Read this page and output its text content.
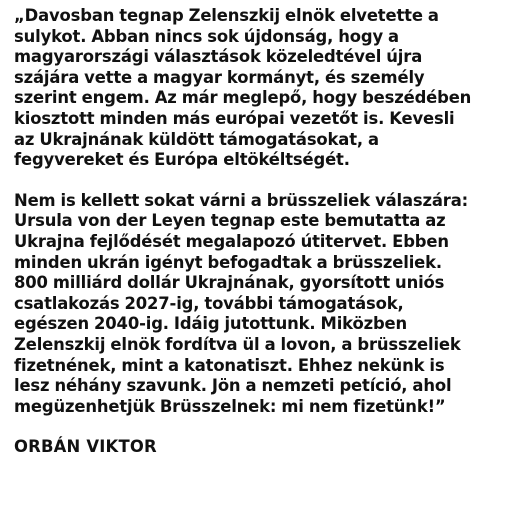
„Davosban tegnap Zelenszkij elnök elvetette a
sulykot. Abban nincs sok újdonság, hogy a
magyarországi választások közeledtével újra
szájára vette a magyar kormányt, és személy
szerint engem. Az már meglepő, hogy beszédében
kiosztott minden más európai vezetőt is. Kevesli
az Ukrajnának küldött támogatásokat, a
fegyvereket és Európa eltökéltségét.

Nem is kellett sokat várni a brüsszeliek válaszára:
Ursula von der Leyen tegnap este bemutatta az
Ukrajna fejlődését megalapozó útitervet. Ebben
minden ukrán igényt befogadtak a brüsszeliek.
800 milliárd dollár Ukrajnának, gyorsított uniós
csatlakozás 2027-ig, további támogatások,
egészen 2040-ig. Idáig jutottunk. Miközben
Zelenszkij elnök fordítva ül a lovon, a brüsszeliek
fizetnének, mint a katonatiszt. Ehhez nekünk is
lesz néhány szavunk. Jön a nemzeti petíció, ahol
megüzenhetjük Brüsszelnek: mi nem fizetünk!”

ORBÁN VIKTOR
